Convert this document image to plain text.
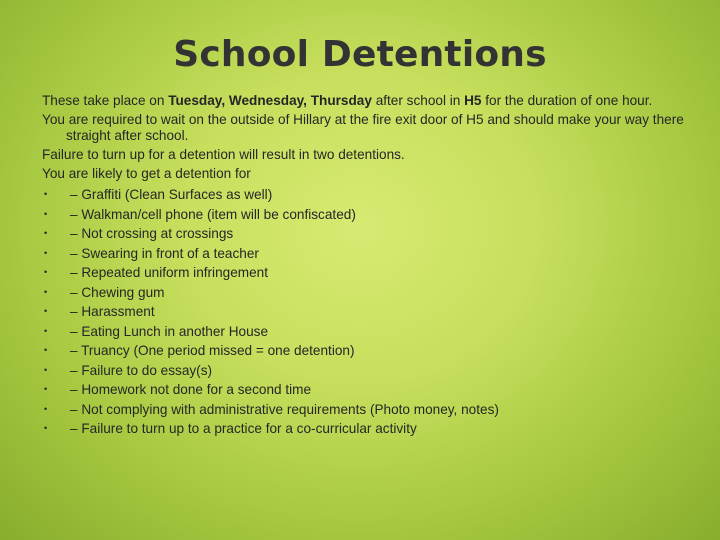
School Detentions

These take place on Tuesday, Wednesday, Thursday after school in H5 for the duration of one hour.

You are required to wait on the outside of Hillary at the fire exit door of H5 and should make your way there straight after school.

Failure to turn up for a detention will result in two detentions.

You are likely to get a detention for

• – Graffiti (Clean Surfaces as well)
• – Walkman/cell phone (item will be confiscated)
• – Not crossing at crossings
• – Swearing in front of a teacher
• – Repeated uniform infringement
• – Chewing gum
• – Harassment
• – Eating Lunch in another House
• – Truancy (One period missed = one detention)
• – Failure to do essay(s)
• – Homework not done for a second time
• – Not complying with administrative requirements (Photo money, notes)
• – Failure to turn up to a practice for a co-curricular activity
